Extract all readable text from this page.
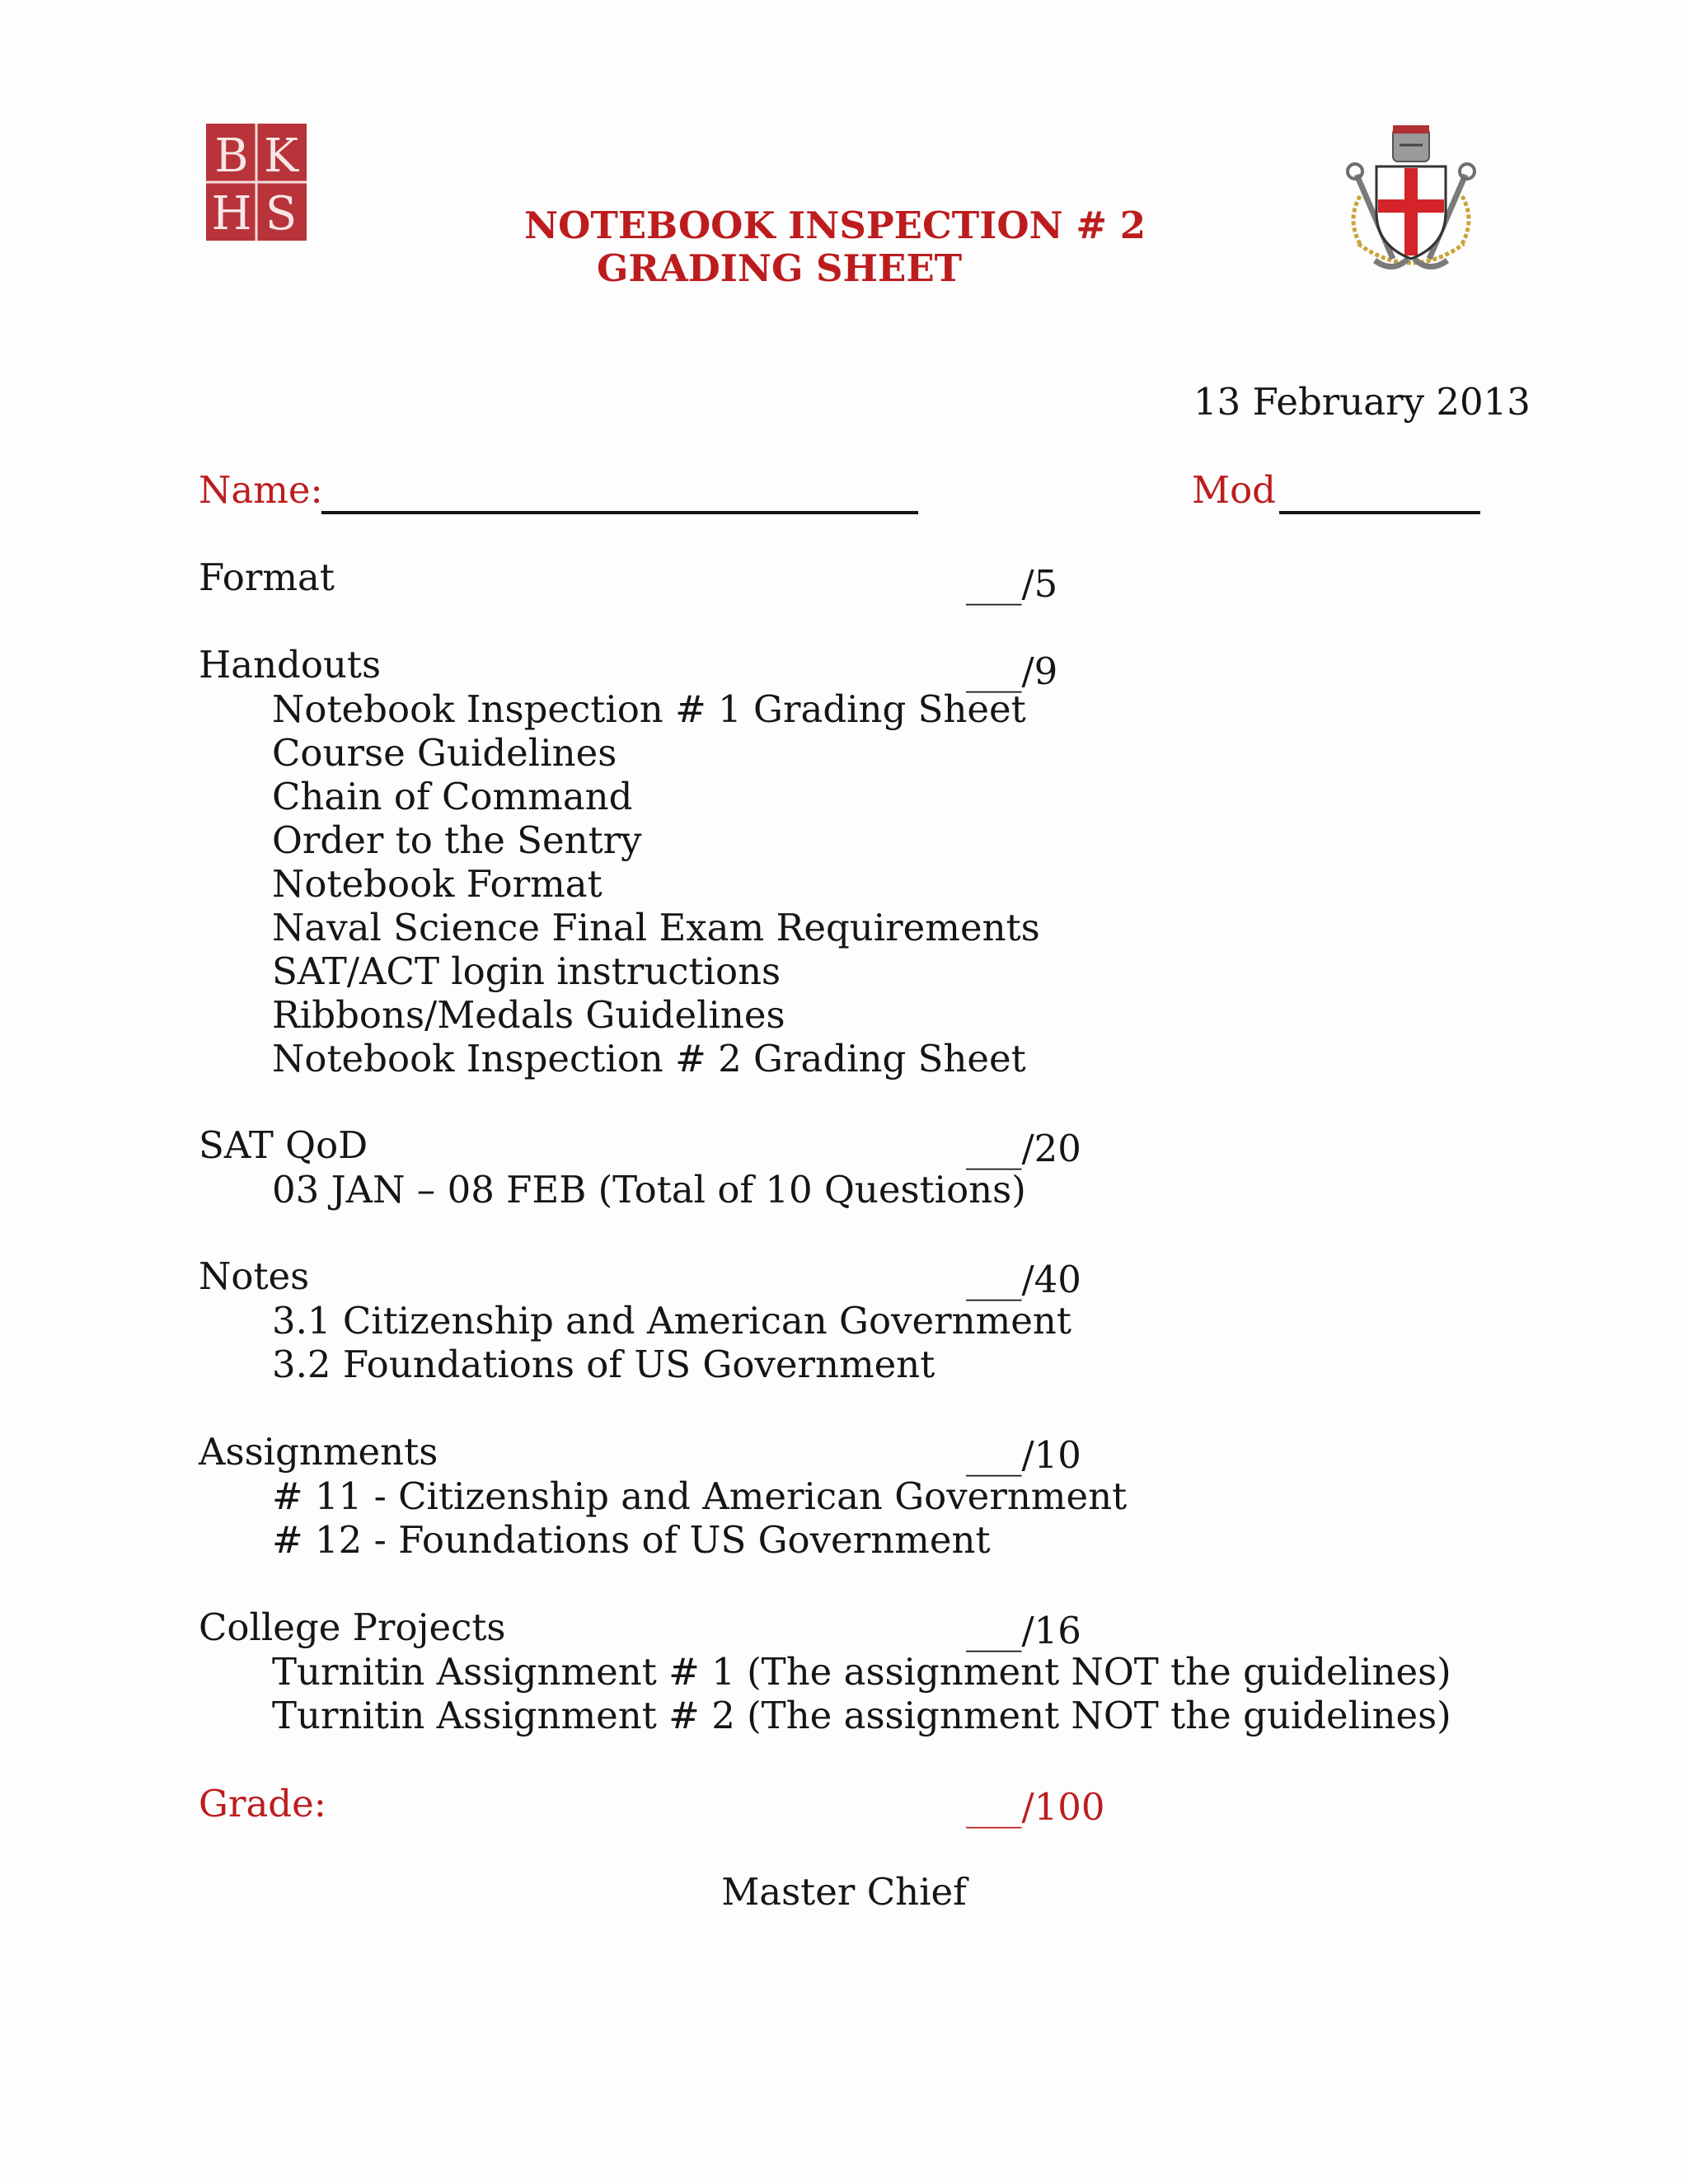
B K
H S	NOTEBOOK INSPECTION # 2
GRADING SHEET
13 February 2013
Name:	Mod
Format	___/5
Handouts	___/9
Notebook Inspection # 1 Grading Sheet
Course Guidelines
Chain of Command
Order to the Sentry
Notebook Format
Naval Science Final Exam Requirements
SAT/ACT login instructions
Ribbons/Medals Guidelines
Notebook Inspection # 2 Grading Sheet
SAT QoD	___/20
03 JAN – 08 FEB (Total of 10 Questions)
Notes	___/40
3.1 Citizenship and American Government
3.2 Foundations of US Government
Assignments	___/10
# 11 - Citizenship and American Government
# 12 - Foundations of US Government
College Projects	___/16
Turnitin Assignment # 1 (The assignment NOT the guidelines)
Turnitin Assignment # 2 (The assignment NOT the guidelines)
Grade:	___/100
Master Chief
